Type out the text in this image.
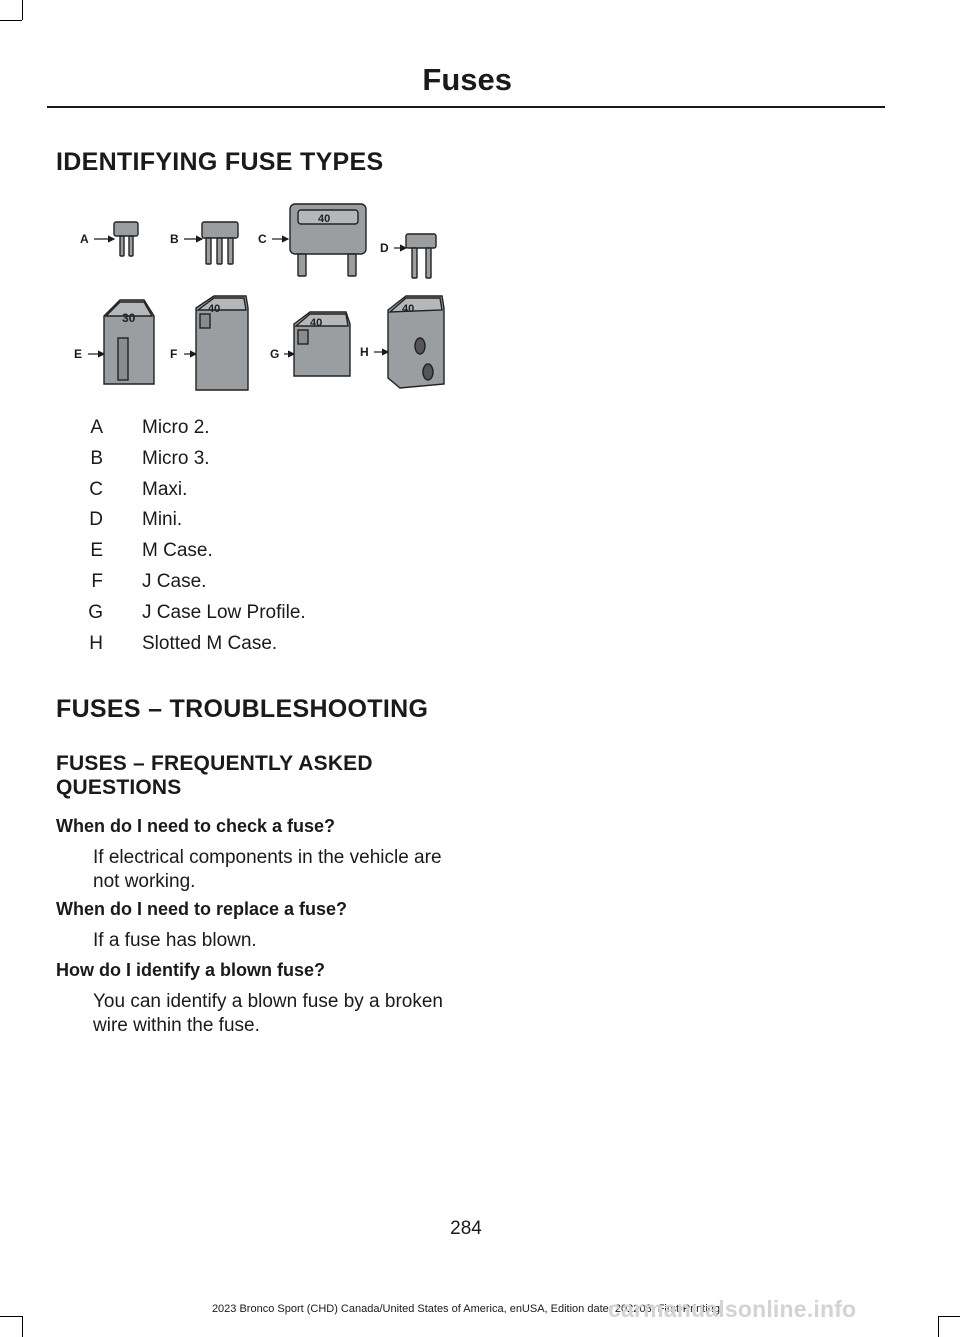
Fuses
IDENTIFYING FUSE TYPES
A	B	C
D
E	F	G	H
40
30
40
40
40
A Micro 2.
B Micro 3.
C Maxi.
D Mini.
E M Case.
F J Case.
G J Case Low Profile.
H Slotted M Case.
FUSES – TROUBLESHOOTING
FUSES – FREQUENTLY ASKED QUESTIONS
When do I need to check a fuse?
If electrical components in the vehicle are not working.
When do I need to replace a fuse?
If a fuse has blown.
How do I identify a blown fuse?
You can identify a blown fuse by a broken wire within the fuse.
284
2023 Bronco Sport (CHD) Canada/United States of America, enUSA, Edition date: 202208, First-Printing
carmanualsonline.info
